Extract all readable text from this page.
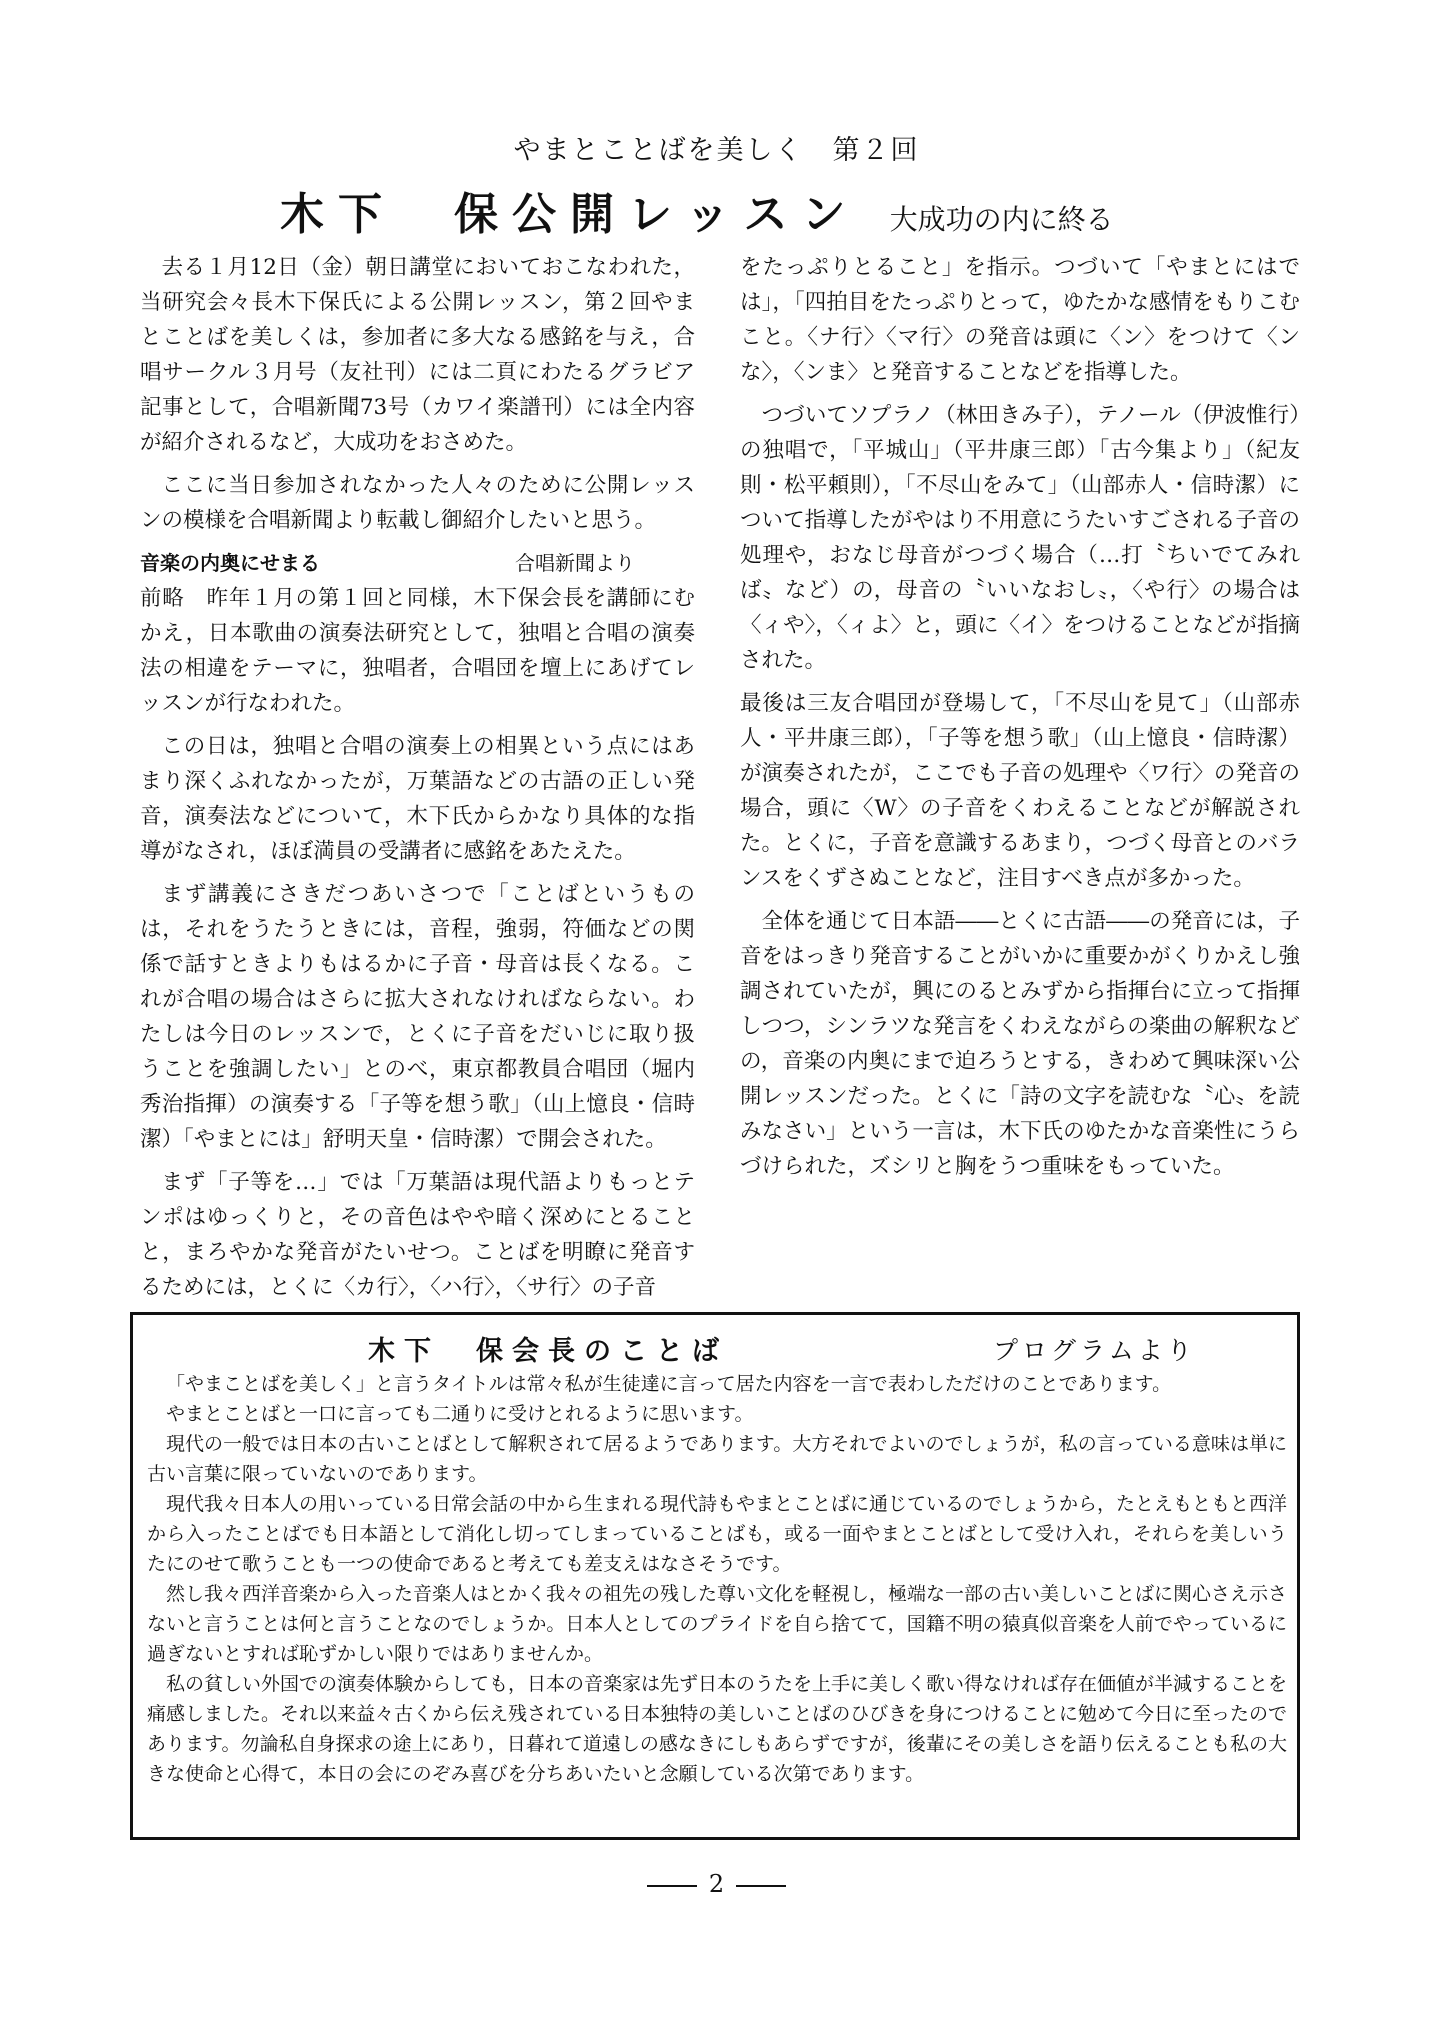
やまとことばを美しく　第２回
木下　保公開レッスン 大成功の内に終る

去る１月12日（金）朝日講堂においておこなわれた，当研究会々長木下保氏による公開レッスン，第２回やまとことばを美しくは，参加者に多大なる感銘を与え，合唱サークル３月号（友社刊）には二頁にわたるグラビア記事として，合唱新聞73号（カワイ楽譜刊）には全内容が紹介されるなど，大成功をおさめた。

ここに当日参加されなかった人々のために公開レッスンの模様を合唱新聞より転載し御紹介したいと思う。

音楽の内奥にせまる	合唱新聞より

前略　昨年１月の第１回と同様，木下保会長を講師にむかえ，日本歌曲の演奏法研究として，独唱と合唱の演奏法の相違をテーマに，独唱者，合唱団を壇上にあげてレッスンが行なわれた。

この日は，独唱と合唱の演奏上の相異という点にはあまり深くふれなかったが，万葉語などの古語の正しい発音，演奏法などについて，木下氏からかなり具体的な指導がなされ，ほぼ満員の受講者に感銘をあたえた。

まず講義にさきだつあいさつで「ことばというものは，それをうたうときには，音程，強弱，符価などの関係で話すときよりもはるかに子音・母音は長くなる。これが合唱の場合はさらに拡大されなければならない。わたしは今日のレッスンで，とくに子音をだいじに取り扱うことを強調したい」とのべ，東京都教員合唱団（堀内秀治指揮）の演奏する「子等を想う歌」（山上憶良・信時潔）「やまとには」舒明天皇・信時潔）で開会された。

まず「子等を…」では「万葉語は現代語よりもっとテンポはゆっくりと，その音色はやや暗く深めにとることと，まろやかな発音がたいせつ。ことばを明瞭に発音するためには，とくに〈カ行〉，〈ハ行〉，〈サ行〉の子音

をたっぷりとること」を指示。つづいて「やまとにはでは」，「四拍目をたっぷりとって，ゆたかな感情をもりこむこと。〈ナ行〉〈マ行〉の発音は頭に〈ン〉をつけて〈ンな〉，〈ンま〉と発音することなどを指導した。

つづいてソプラノ（林田きみ子），テノール（伊波惟行）の独唱で，「平城山」（平井康三郎）「古今集より」（紀友則・松平頼則），「不尽山をみて」（山部赤人・信時潔）について指導したがやはり不用意にうたいすごされる子音の処理や，おなじ母音がつづく場合（…打〝ちいでてみれば〟など）の，母音の〝いいなおし〟，〈や行〉の場合は〈ィや〉，〈ィよ〉と，頭に〈イ〉をつけることなどが指摘された。

最後は三友合唱団が登場して，「不尽山を見て」（山部赤人・平井康三郎），「子等を想う歌」（山上憶良・信時潔）が演奏されたが，ここでも子音の処理や〈ワ行〉の発音の場合，頭に〈W〉の子音をくわえることなどが解説された。とくに，子音を意識するあまり，つづく母音とのバランスをくずさぬことなど，注目すべき点が多かった。

全体を通じて日本語――とくに古語――の発音には，子音をはっきり発音することがいかに重要かがくりかえし強調されていたが，興にのるとみずから指揮台に立って指揮しつつ，シンラツな発言をくわえながらの楽曲の解釈などの，音楽の内奥にまで迫ろうとする，きわめて興味深い公開レッスンだった。とくに「詩の文字を読むな〝心〟を読みなさい」という一言は，木下氏のゆたかな音楽性にうらづけられた，ズシリと胸をうつ重味をもっていた。

木下　保会長のことば	プログラムより

「やまことばを美しく」と言うタイトルは常々私が生徒達に言って居た内容を一言で表わしただけのことであります。

やまとことばと一口に言っても二通りに受けとれるように思います。

現代の一般では日本の古いことばとして解釈されて居るようであります。大方それでよいのでしょうが，私の言っている意味は単に古い言葉に限っていないのであります。

現代我々日本人の用いっている日常会話の中から生まれる現代詩もやまとことばに通じているのでしょうから，たとえもともと西洋から入ったことばでも日本語として消化し切ってしまっていることばも，或る一面やまとことばとして受け入れ，それらを美しいうたにのせて歌うことも一つの使命であると考えても差支えはなさそうです。

然し我々西洋音楽から入った音楽人はとかく我々の祖先の残した尊い文化を軽視し，極端な一部の古い美しいことばに関心さえ示さないと言うことは何と言うことなのでしょうか。日本人としてのプライドを自ら捨てて，国籍不明の猿真似音楽を人前でやっているに過ぎないとすれば恥ずかしい限りではありませんか。

私の貧しい外国での演奏体験からしても，日本の音楽家は先ず日本のうたを上手に美しく歌い得なければ存在価値が半減することを痛感しました。それ以来益々古くから伝え残されている日本独特の美しいことばのひびきを身につけることに勉めて今日に至ったのであります。勿論私自身探求の途上にあり，日暮れて道遠しの感なきにしもあらずですが，後輩にその美しさを語り伝えることも私の大きな使命と心得て，本日の会にのぞみ喜びを分ちあいたいと念願している次第であります。

2
